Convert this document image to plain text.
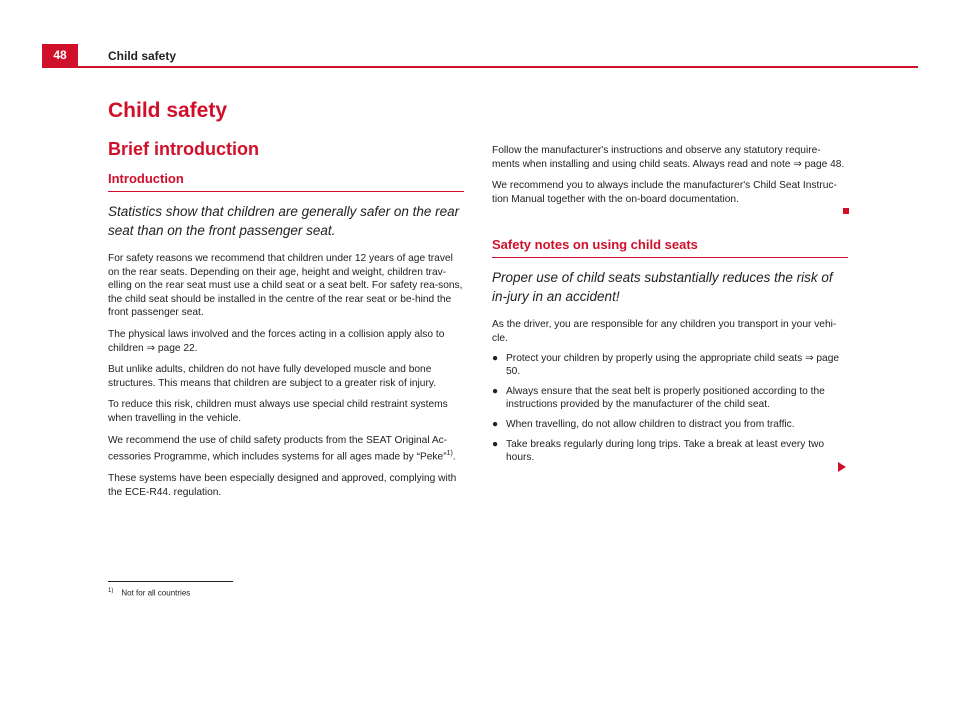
48	Child safety
Child safety
Brief introduction
Introduction
Statistics show that children are generally safer on the rear seat than on the front passenger seat.

For safety reasons we recommend that children under 12 years of age travel on the rear seats. Depending on their age, height and weight, children trav-elling on the rear seat must use a child seat or a seat belt. For safety rea-sons, the child seat should be installed in the centre of the rear seat or be-hind the front passenger seat.

The physical laws involved and the forces acting in a collision apply also to children ⇒ page 22.

But unlike adults, children do not have fully developed muscle and bone structures. This means that children are subject to a greater risk of injury.

To reduce this risk, children must always use special child restraint systems when travelling in the vehicle.

We recommend the use of child safety products from the SEAT Original Ac-cessories Programme, which includes systems for all ages made by “Peke”$^{1)}$.

These systems have been especially designed and approved, complying with the ECE-R44. regulation.

Follow the manufacturer's instructions and observe any statutory require-ments when installing and using child seats. Always read and note ⇒ page 48.

We recommend you to always include the manufacturer's Child Seat Instruc-tion Manual together with the on-board documentation.

Safety notes on using child seats
Proper use of child seats substantially reduces the risk of in-jury in an accident!

As the driver, you are responsible for any children you transport in your vehi-cle.

● Protect your children by properly using the appropriate child seats ⇒ page 50.
● Always ensure that the seat belt is properly positioned according to the instructions provided by the manufacturer of the child seat.
● When travelling, do not allow children to distract you from traffic.
● Take breaks regularly during long trips. Take a break at least every two hours.
$^{1)}$ Not for all countries
